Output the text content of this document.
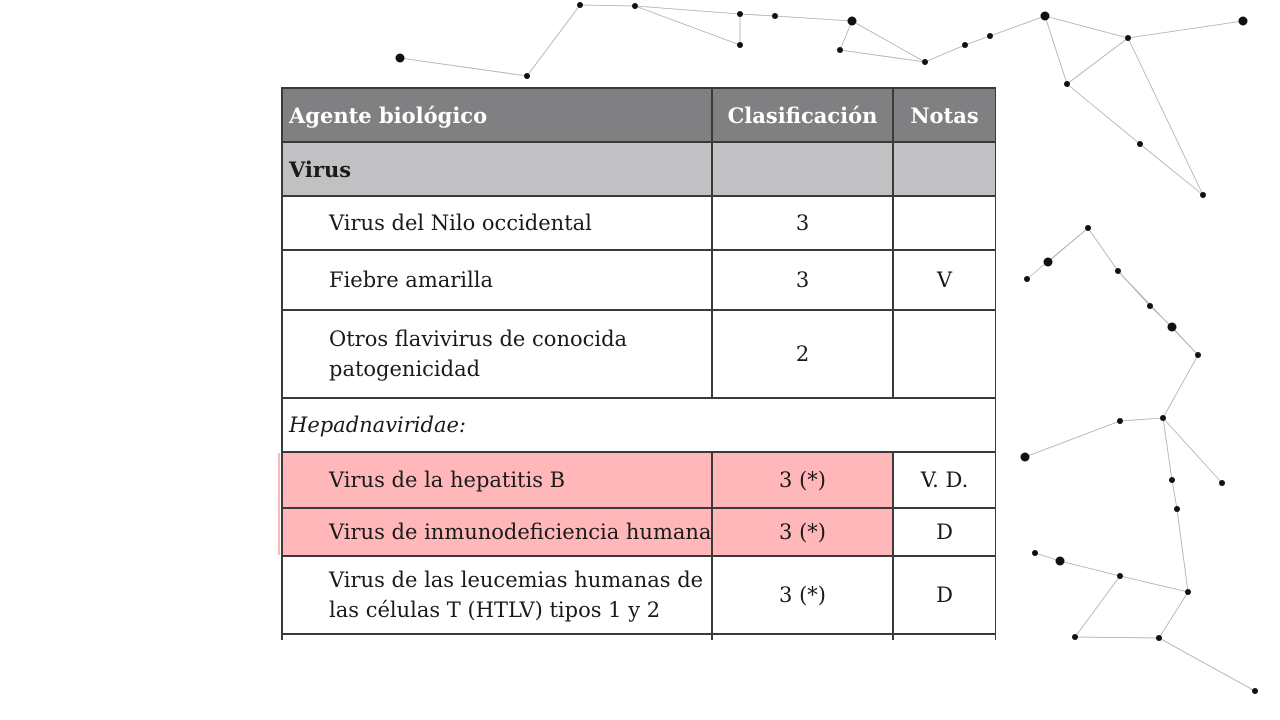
Agente biológico	Clasificación	Notas
Virus		
Virus del Nilo occidental	3	
Fiebre amarilla	3	V
Otros flavivirus de conocida patogenicidad	2	
Hepadnaviridae:		
Virus de la hepatitis B	3 (*)	V. D.
Virus de inmunodeficiencia humana	3 (*)	D
Virus de las leucemias humanas de las células T (HTLV) tipos 1 y 2	3 (*)	D
